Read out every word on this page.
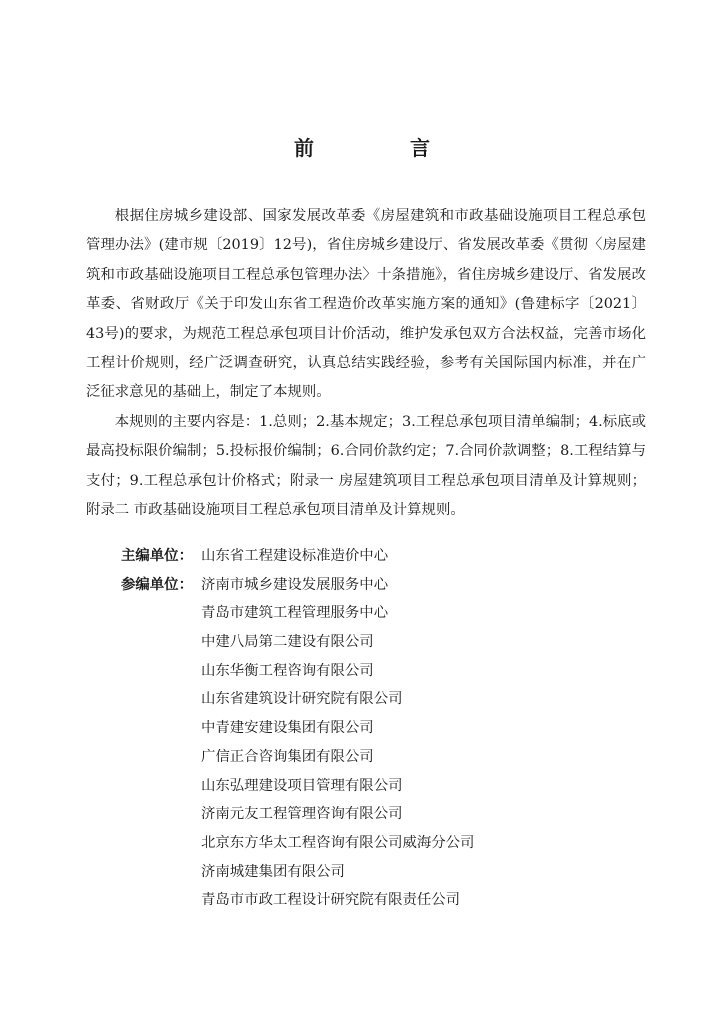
前　言

根据住房城乡建设部、国家发展改革委《房屋建筑和市政基础设施项目工程总承包管理办法》(建市规〔2019〕12号)，省住房城乡建设厅、省发展改革委《贯彻〈房屋建筑和市政基础设施项目工程总承包管理办法〉十条措施》，省住房城乡建设厅、省发展改革委、省财政厅《关于印发山东省工程造价改革实施方案的通知》(鲁建标字〔2021〕43号)的要求，为规范工程总承包项目计价活动，维护发承包双方合法权益，完善市场化工程计价规则，经广泛调查研究，认真总结实践经验，参考有关国际国内标准，并在广泛征求意见的基础上，制定了本规则。

本规则的主要内容是：1.总则；2.基本规定；3.工程总承包项目清单编制；4.标底或最高投标限价编制；5.投标报价编制；6.合同价款约定；7.合同价款调整；8.工程结算与支付；9.工程总承包计价格式；附录一 房屋建筑项目工程总承包项目清单及计算规则；附录二 市政基础设施项目工程总承包项目清单及计算规则。

主编单位： 山东省工程建设标准造价中心
参编单位： 济南市城乡建设发展服务中心
青岛市建筑工程管理服务中心
中建八局第二建设有限公司
山东华衡工程咨询有限公司
山东省建筑设计研究院有限公司
中青建安建设集团有限公司
广信正合咨询集团有限公司
山东弘理建设项目管理有限公司
济南元友工程管理咨询有限公司
北京东方华太工程咨询有限公司威海分公司
济南城建集团有限公司
青岛市市政工程设计研究院有限责任公司
